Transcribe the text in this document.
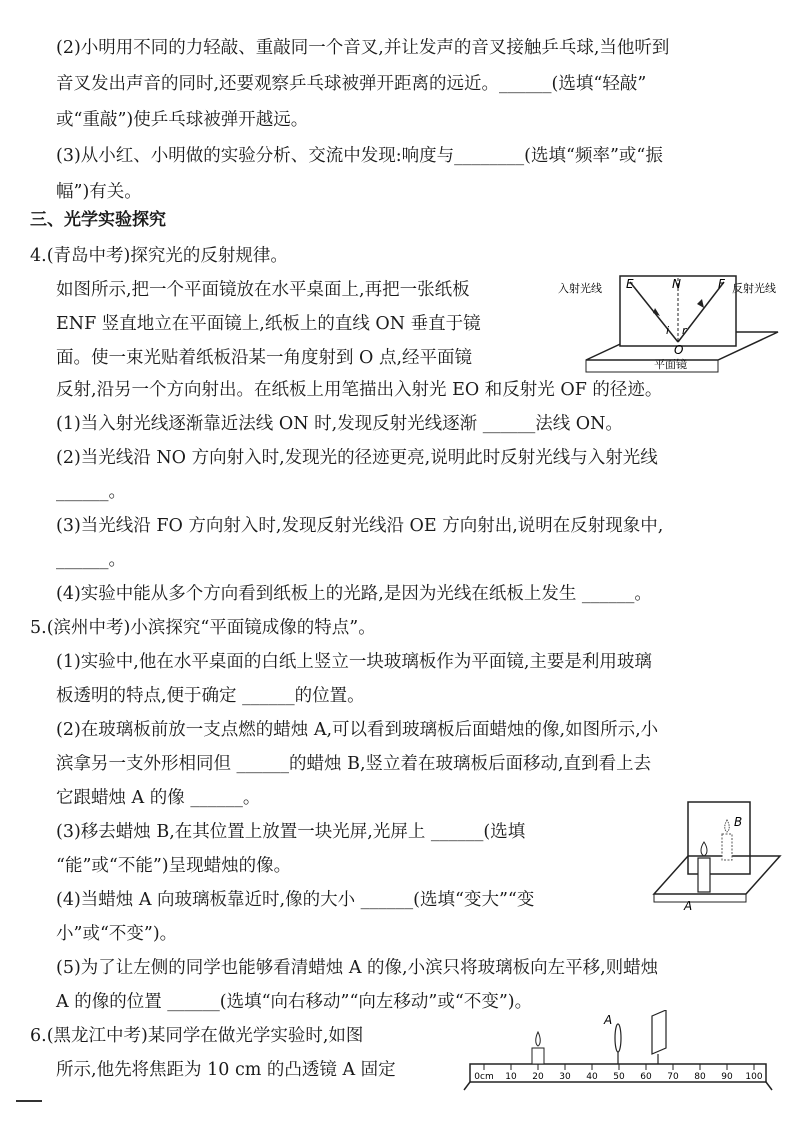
(2)小明用不同的力轻敲、重敲同一个音叉,并让发声的音叉接触乒乓球,当他听到
音叉发出声音的同时,还要观察乒乓球被弹开距离的远近。______(选填“轻敲”
或“重敲”)使乒乓球被弹开越远。
(3)从小红、小明做的实验分析、交流中发现:响度与________(选填“频率”或“振
幅”)有关。
三、光学实验探究
4.(青岛中考)探究光的反射规律。
如图所示,把一个平面镜放在水平桌面上,再把一张纸板
ENF 竖直地立在平面镜上,纸板上的直线 ON 垂直于镜
面。使一束光贴着纸板沿某一角度射到 O 点,经平面镜
反射,沿另一个方向射出。在纸板上用笔描出入射光 EO 和反射光 OF 的径迹。
(1)当入射光线逐渐靠近法线 ON 时,发现反射光线逐渐 ______法线 ON。
(2)当光线沿 NO 方向射入时,发现光的径迹更亮,说明此时反射光线与入射光线
______。
(3)当光线沿 FO 方向射入时,发现反射光线沿 OE 方向射出,说明在反射现象中,
______。
(4)实验中能从多个方向看到纸板上的光路,是因为光线在纸板上发生 ______。
5.(滨州中考)小滨探究“平面镜成像的特点”。
(1)实验中,他在水平桌面的白纸上竖立一块玻璃板作为平面镜,主要是利用玻璃
板透明的特点,便于确定 ______的位置。
(2)在玻璃板前放一支点燃的蜡烛 A,可以看到玻璃板后面蜡烛的像,如图所示,小
滨拿另一支外形相同但 ______的蜡烛 B,竖立着在玻璃板后面移动,直到看上去
它跟蜡烛 A 的像 ______。
(3)移去蜡烛 B,在其位置上放置一块光屏,光屏上 ______(选填
“能”或“不能”)呈现蜡烛的像。
(4)当蜡烛 A 向玻璃板靠近时,像的大小 ______(选填“变大”“变
小”或“不变”)。
(5)为了让左侧的同学也能够看清蜡烛 A 的像,小滨只将玻璃板向左平移,则蜡烛
A 的像的位置 ______(选填“向右移动”“向左移动”或“不变”)。
6.(黑龙江中考)某同学在做光学实验时,如图
所示,他先将焦距为 10 cm 的凸透镜 A 固定
入射光线	反射光线
E	N	F
i r
O
平面镜
A
B
A
0cm 10 20 30 40 50 60 70 80 90 100
